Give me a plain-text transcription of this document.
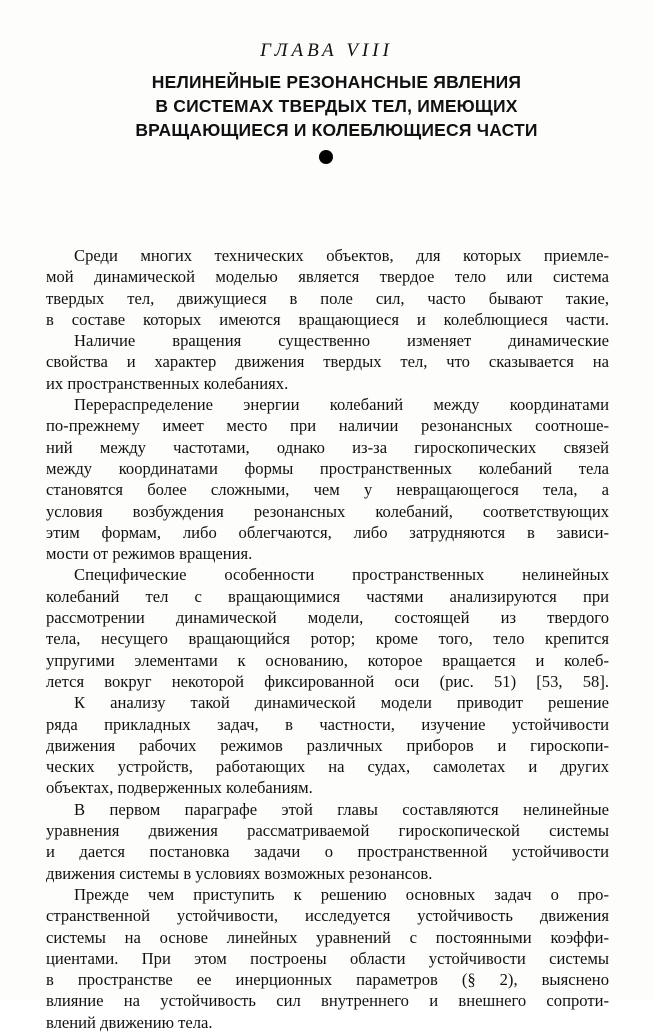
ГЛАВА VIII
НЕЛИНЕЙНЫЕ РЕЗОНАНСНЫЕ ЯВЛЕНИЯ
В СИСТЕМАХ ТВЕРДЫХ ТЕЛ, ИМЕЮЩИХ
ВРАЩАЮЩИЕСЯ И КОЛЕБЛЮЩИЕСЯ ЧАСТИ
Среди многих технических объектов, для которых приемле-
мой динамической моделью является твердое тело или система
твердых тел, движущиеся в поле сил, часто бывают такие,
в составе которых имеются вращающиеся и колеблющиеся части.
Наличие вращения существенно изменяет динамические
свойства и характер движения твердых тел, что сказывается на
их пространственных колебаниях.
Перераспределение энергии колебаний между координатами
по-прежнему имеет место при наличии резонансных соотноше-
ний между частотами, однако из-за гироскопических связей
между координатами формы пространственных колебаний тела
становятся более сложными, чем у невращающегося тела, а
условия возбуждения резонансных колебаний, соответствующих
этим формам, либо облегчаются, либо затрудняются в зависи-
мости от режимов вращения.
Специфические особенности пространственных нелинейных
колебаний тел с вращающимися частями анализируются при
рассмотрении динамической модели, состоящей из твердого
тела, несущего вращающийся ротор; кроме того, тело крепится
упругими элементами к основанию, которое вращается и колеб-
лется вокруг некоторой фиксированной оси (рис. 51) [53, 58].
К анализу такой динамической модели приводит решение
ряда прикладных задач, в частности, изучение устойчивости
движения рабочих режимов различных приборов и гироскопи-
ческих устройств, работающих на судах, самолетах и других
объектах, подверженных колебаниям.
В первом параграфе этой главы составляются нелинейные
уравнения движения рассматриваемой гироскопической системы
и дается постановка задачи о пространственной устойчивости
движения системы в условиях возможных резонансов.
Прежде чем приступить к решению основных задач о про-
странственной устойчивости, исследуется устойчивость движения
системы на основе линейных уравнений с постоянными коэффи-
циентами. При этом построены области устойчивости системы
в пространстве ее инерционных параметров (§ 2), выяснено
влияние на устойчивость сил внутреннего и внешнего сопроти-
влений движению тела.
